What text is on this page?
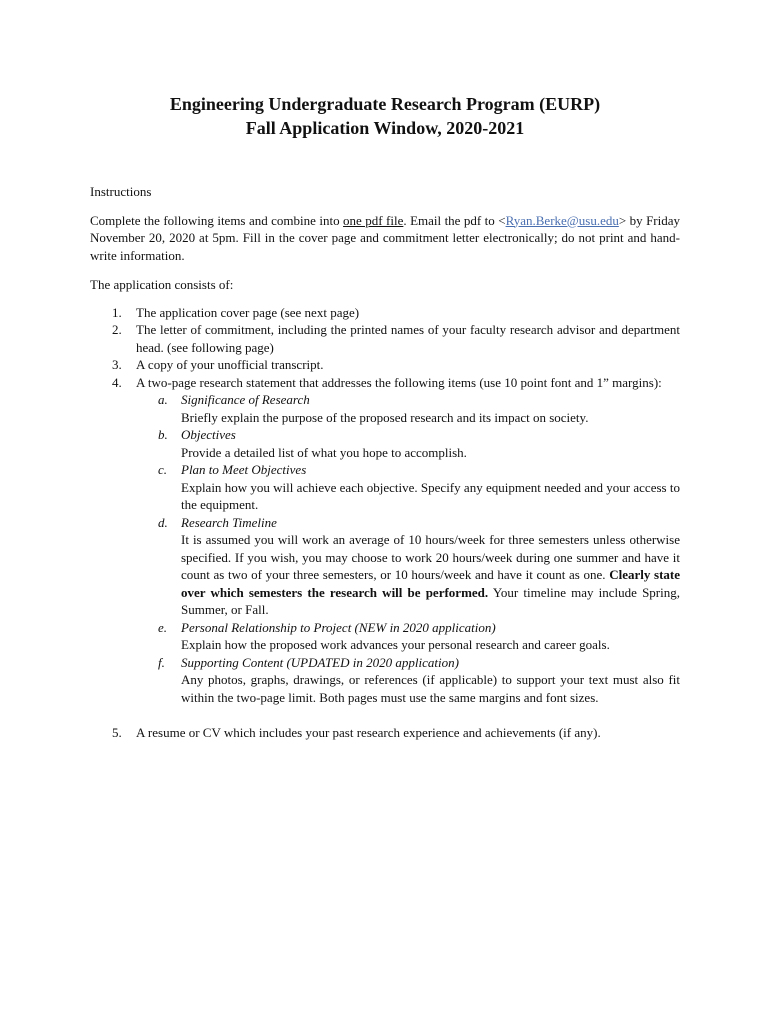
Engineering Undergraduate Research Program (EURP)
Fall Application Window, 2020-2021
Instructions
Complete the following items and combine into one pdf file. Email the pdf to <Ryan.Berke@usu.edu> by Friday November 20, 2020 at 5pm. Fill in the cover page and commitment letter electronically; do not print and hand-write information.
The application consists of:
1. The application cover page (see next page)
2. The letter of commitment, including the printed names of your faculty research advisor and department head. (see following page)
3. A copy of your unofficial transcript.
4. A two-page research statement that addresses the following items (use 10 point font and 1” margins):
a. Significance of Research
Briefly explain the purpose of the proposed research and its impact on society.
b. Objectives
Provide a detailed list of what you hope to accomplish.
c. Plan to Meet Objectives
Explain how you will achieve each objective. Specify any equipment needed and your access to the equipment.
d. Research Timeline
It is assumed you will work an average of 10 hours/week for three semesters unless otherwise specified. If you wish, you may choose to work 20 hours/week during one summer and have it count as two of your three semesters, or 10 hours/week and have it count as one. Clearly state over which semesters the research will be performed. Your timeline may include Spring, Summer, or Fall.
e. Personal Relationship to Project (NEW in 2020 application)
Explain how the proposed work advances your personal research and career goals.
f. Supporting Content (UPDATED in 2020 application)
Any photos, graphs, drawings, or references (if applicable) to support your text must also fit within the two-page limit. Both pages must use the same margins and font sizes.
5. A resume or CV which includes your past research experience and achievements (if any).
